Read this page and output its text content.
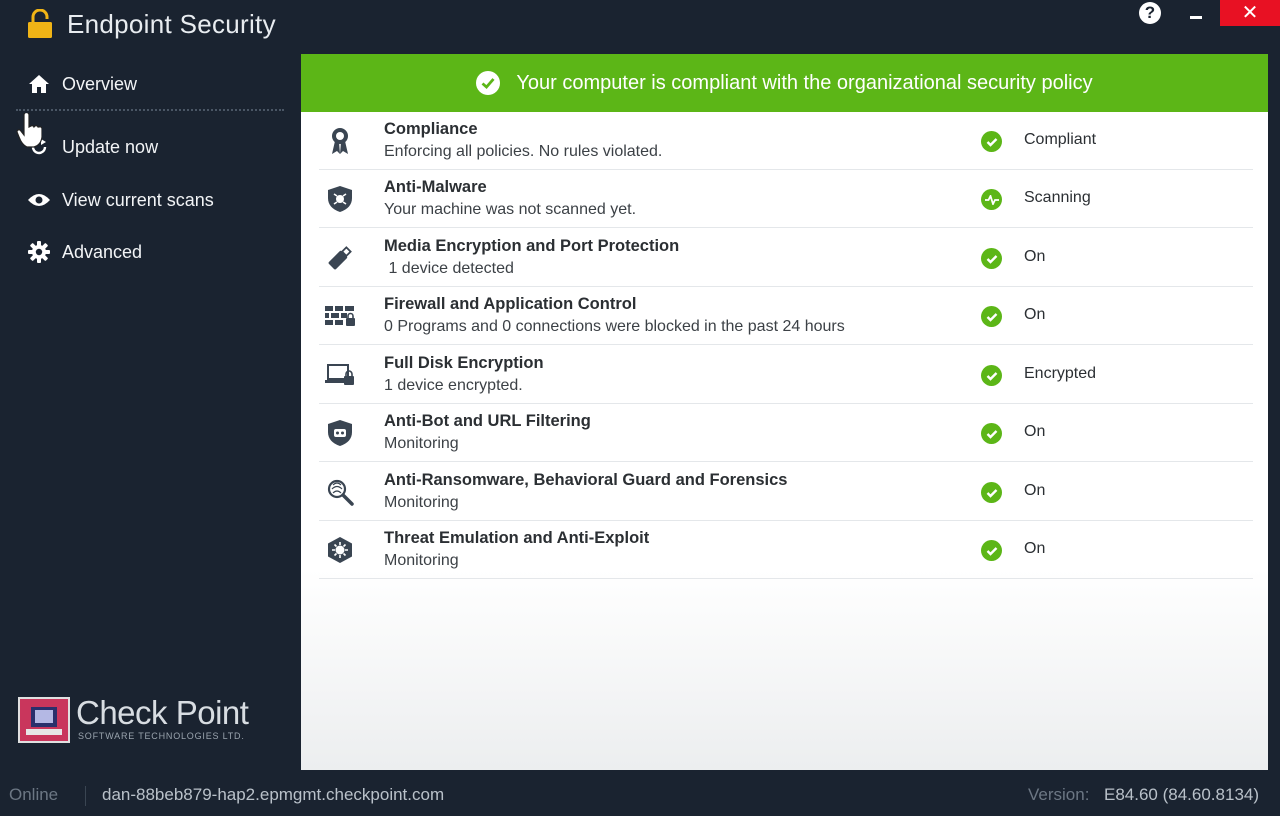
Endpoint Security	?	✕
Overview
Update now
View current scans
Advanced
Check Point
SOFTWARE TECHNOLOGIES LTD.
Your computer is compliant with the organizational security policy
Compliance
Enforcing all policies. No rules violated.
Compliant
Anti-Malware
Your machine was not scanned yet.
Scanning
Media Encryption and Port Protection
1 device detected
On
Firewall and Application Control
0 Programs and 0 connections were blocked in the past 24 hours
On
Full Disk Encryption
1 device encrypted.
Encrypted
Anti-Bot and URL Filtering
Monitoring
On
Anti-Ransomware, Behavioral Guard and Forensics
Monitoring
On
Threat Emulation and Anti-Exploit
Monitoring
On
Online	dan-88beb879-hap2.epmgmt.checkpoint.com	Version: E84.60 (84.60.8134)
